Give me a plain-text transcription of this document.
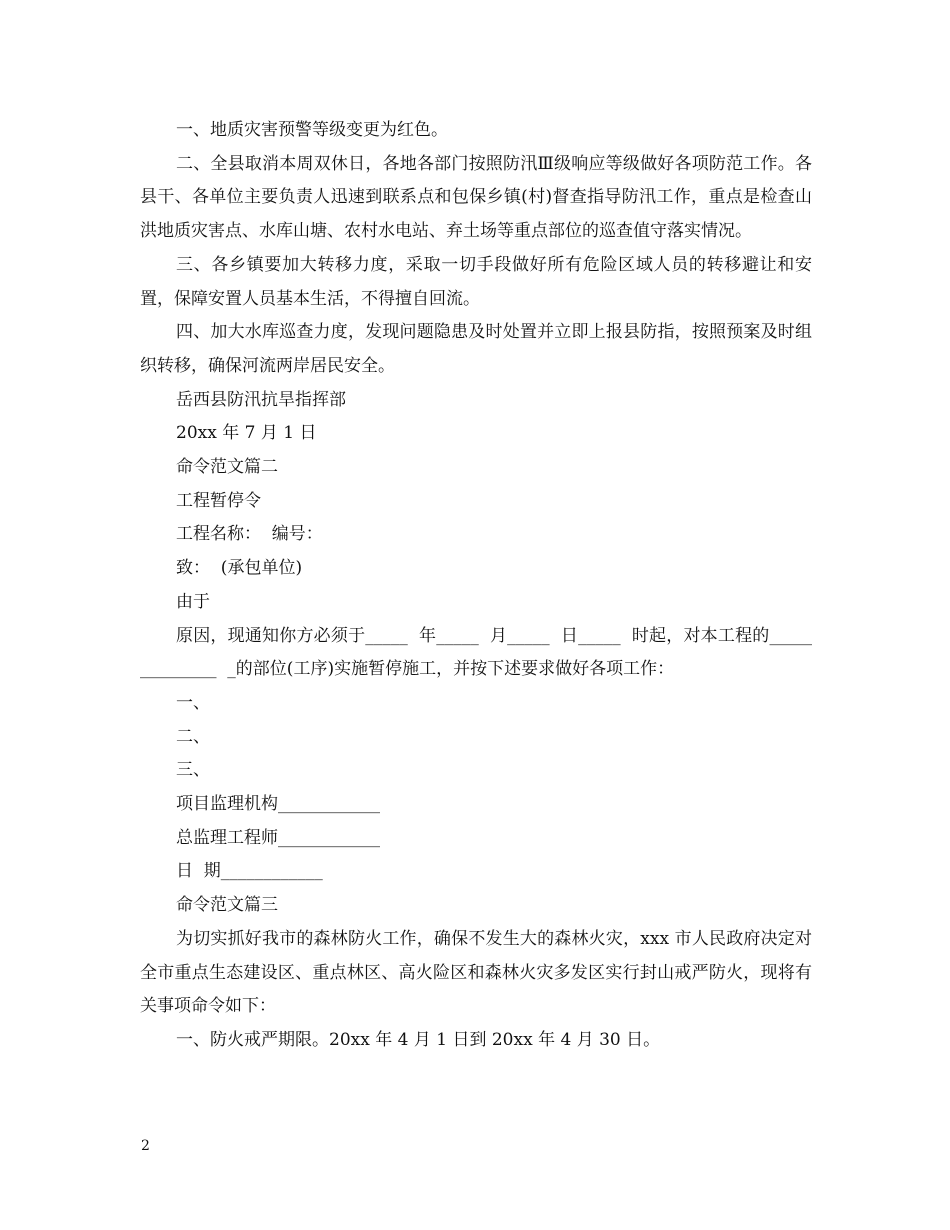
一、地质灾害预警等级变更为红色。

二、全县取消本周双休日，各地各部门按照防汛Ⅲ级响应等级做好各项防范工作。各县干、各单位主要负责人迅速到联系点和包保乡镇(村)督查指导防汛工作，重点是检查山洪地质灾害点、水库山塘、农村水电站、弃土场等重点部位的巡查值守落实情况。

三、各乡镇要加大转移力度，采取一切手段做好所有危险区域人员的转移避让和安置，保障安置人员基本生活，不得擅自回流。

四、加大水库巡查力度，发现问题隐患及时处置并立即上报县防指，按照预案及时组织转移，确保河流两岸居民安全。

岳西县防汛抗旱指挥部

20xx 年 7 月 1 日

命令范文篇二

工程暂停令

工程名称：  编号：

致：  (承包单位)

由于

原因，现通知你方必须于_____  年_____  月_____  日_____  时起，对本工程的______________  _的部位(工序)实施暂停施工，并按下述要求做好各项工作：

一、

二、

三、

项目监理机构____________

总监理工程师____________

日  期____________

命令范文篇三

为切实抓好我市的森林防火工作，确保不发生大的森林火灾，xxx 市人民政府决定对全市重点生态建设区、重点林区、高火险区和森林火灾多发区实行封山戒严防火，现将有关事项命令如下：

一、防火戒严期限。20xx 年 4 月 1 日到 20xx 年 4 月 30 日。

2
